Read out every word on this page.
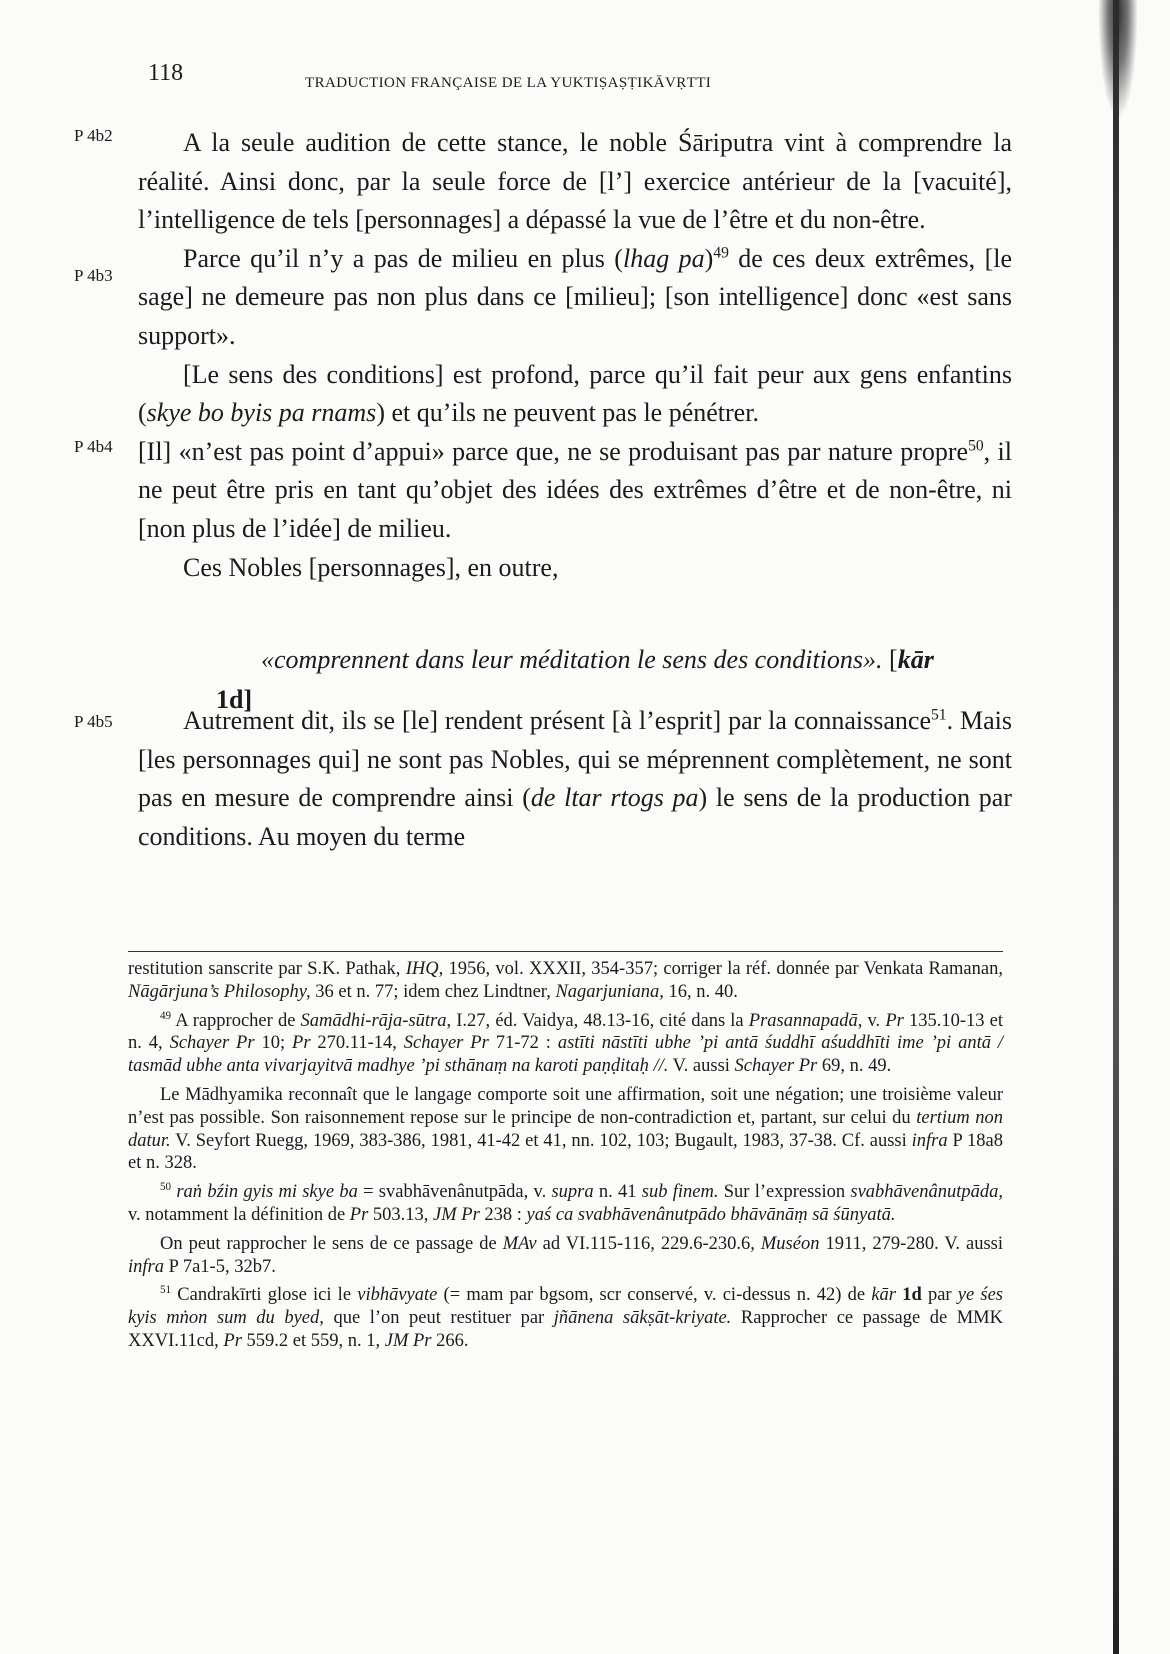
118	TRADUCTION FRANÇAISE DE LA YUKTIṢAṢṬIKĀVṚTTI
P 4b2
P 4b3
P 4b4
P 4b5

A la seule audition de cette stance, le noble Śāriputra vint à comprendre la réalité. Ainsi donc, par la seule force de [l’] exercice antérieur de la [vacuité], l’intelligence de tels [personnages] a dépassé la vue de l’être et du non-être.

Parce qu’il n’y a pas de milieu en plus (lhag pa)$^{49}$ de ces deux extrêmes, [le sage] ne demeure pas non plus dans ce [milieu]; [son intelligence] donc «est sans support».

[Le sens des conditions] est profond, parce qu’il fait peur aux gens enfantins (skye bo byis pa rnams) et qu’ils ne peuvent pas le pénétrer.

[Il] «n’est pas point d’appui» parce que, ne se produisant pas par nature propre$^{50}$, il ne peut être pris en tant qu’objet des idées des extrêmes d’être et de non-être, ni [non plus de l’idée] de milieu.

Ces Nobles [personnages], en outre,

«comprennent dans leur méditation le sens des conditions». [kār 1d]

Autrement dit, ils se [le] rendent présent [à l’esprit] par la connaissance$^{51}$. Mais [les personnages qui] ne sont pas Nobles, qui se méprennent complètement, ne sont pas en mesure de comprendre ainsi (de ltar rtogs pa) le sens de la production par conditions. Au moyen du terme

restitution sanscrite par S.K. Pathak, IHQ, 1956, vol. XXXII, 354-357; corriger la réf. donnée par Venkata Ramanan, Nāgārjuna’s Philosophy, 36 et n. 77; idem chez Lindtner, Nagarjuniana, 16, n. 40.

$^{49}$ A rapprocher de Samādhi-rāja-sūtra, I.27, éd. Vaidya, 48.13-16, cité dans la Prasannapadā, v. Pr 135.10-13 et n. 4, Schayer Pr 10; Pr 270.11-14, Schayer Pr 71-72 : astīti nāstīti ubhe ’pi antā śuddhī aśuddhīti ime ’pi antā / tasmād ubhe anta vivarjayitvā madhye ’pi sthānaṃ na karoti paṇḍitaḥ //. V. aussi Schayer Pr 69, n. 49.

Le Mādhyamika reconnaît que le langage comporte soit une affirmation, soit une négation; une troisième valeur n’est pas possible. Son raisonnement repose sur le principe de non-contradiction et, partant, sur celui du tertium non datur. V. Seyfort Ruegg, 1969, 383-386, 1981, 41-42 et 41, nn. 102, 103; Bugault, 1983, 37-38. Cf. aussi infra P 18a8 et n. 328.

$^{50}$ raṅ bźin gyis mi skye ba = svabhāvenânutpāda, v. supra n. 41 sub finem. Sur l’expression svabhāvenânutpāda, v. notamment la définition de Pr 503.13, JM Pr 238 : yaś ca svabhāvenânutpādo bhāvānāṃ sā śūnyatā.

On peut rapprocher le sens de ce passage de MAv ad VI.115-116, 229.6-230.6, Muséon 1911, 279-280. V. aussi infra P 7a1-5, 32b7.

$^{51}$ Candrakīrti glose ici le vibhāvyate (= mam par bgsom, scr conservé, v. ci-dessus n. 42) de kār 1d par ye śes kyis mṅon sum du byed, que l’on peut restituer par jñānena sākṣāt-kriyate. Rapprocher ce passage de MMK XXVI.11cd, Pr 559.2 et 559, n. 1, JM Pr 266.
